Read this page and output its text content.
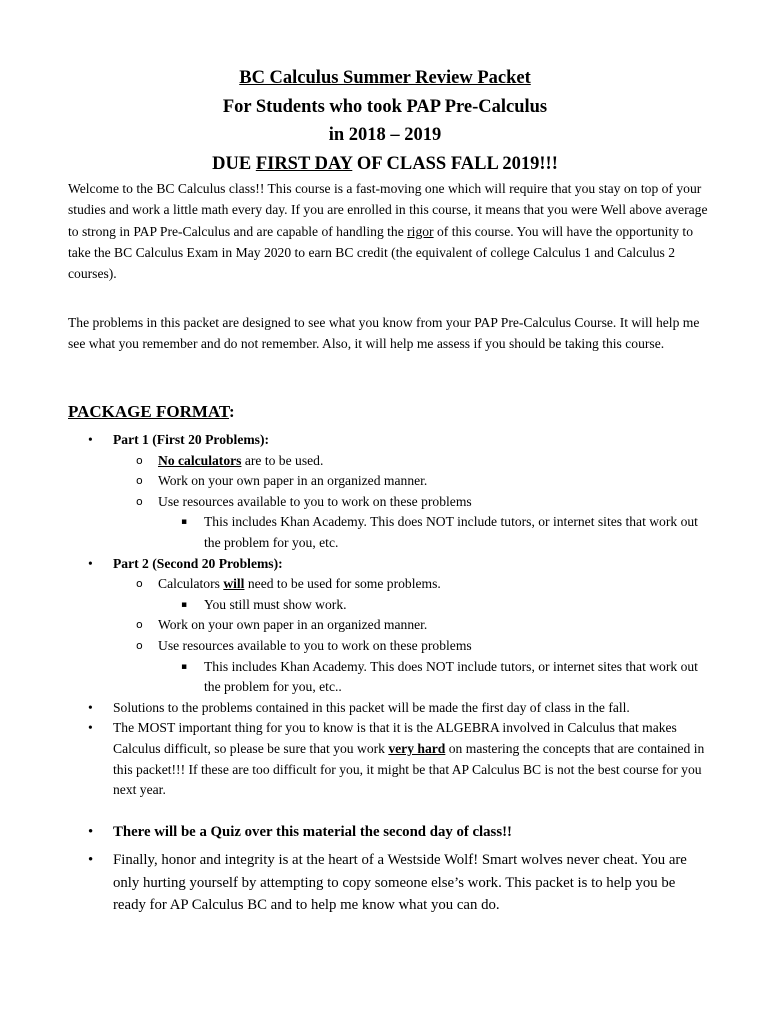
BC Calculus Summer Review Packet

For Students who took PAP Pre-Calculus

in 2018 – 2019

DUE FIRST DAY OF CLASS FALL 2019!!!

Welcome to the BC Calculus class!! This course is a fast-moving one which will require that you stay on top of your studies and work a little math every day. If you are enrolled in this course, it means that you were Well above average to strong in PAP Pre-Calculus and are capable of handling the rigor of this course. You will have the opportunity to take the BC Calculus Exam in May 2020 to earn BC credit (the equivalent of college Calculus 1 and Calculus 2 courses).

The problems in this packet are designed to see what you know from your PAP Pre-Calculus Course. It will help me see what you remember and do not remember. Also, it will help me assess if you should be taking this course.

PACKAGE FORMAT:

• Part 1 (First 20 Problems):
o No calculators are to be used.
o Work on your own paper in an organized manner.
o Use resources available to you to work on these problems
▪ This includes Khan Academy. This does NOT include tutors, or internet sites that work out the problem for you, etc.
• Part 2 (Second 20 Problems):
o Calculators will need to be used for some problems.
▪ You still must show work.
o Work on your own paper in an organized manner.
o Use resources available to you to work on these problems
▪ This includes Khan Academy. This does NOT include tutors, or internet sites that work out the problem for you, etc..
• Solutions to the problems contained in this packet will be made the first day of class in the fall.
• The MOST important thing for you to know is that it is the ALGEBRA involved in Calculus that makes Calculus difficult, so please be sure that you work very hard on mastering the concepts that are contained in this packet!!! If these are too difficult for you, it might be that AP Calculus BC is not the best course for you next year.
• There will be a Quiz over this material the second day of class!!
• Finally, honor and integrity is at the heart of a Westside Wolf! Smart wolves never cheat. You are only hurting yourself by attempting to copy someone else’s work. This packet is to help you be ready for AP Calculus BC and to help me know what you can do.
